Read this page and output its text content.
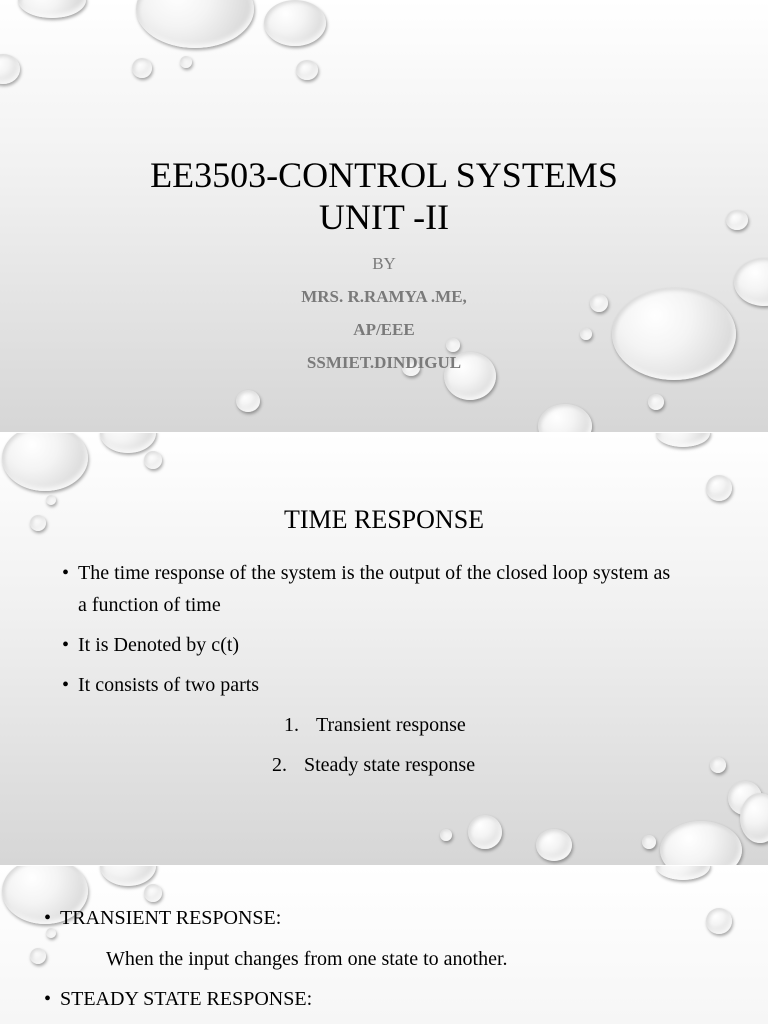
EE3503-CONTROL SYSTEMS
UNIT -II
BY
MRS. R.RAMYA .ME,
AP/EEE
SSMIET.DINDIGUL
TIME RESPONSE
• The time response of the system is the output of the closed loop system as a function of time
• It is Denoted by c(t)
• It consists of two parts
1. Transient response
2. Steady state response
• TRANSIENT RESPONSE:
When the input changes from one state to another.
• STEADY STATE RESPONSE:
